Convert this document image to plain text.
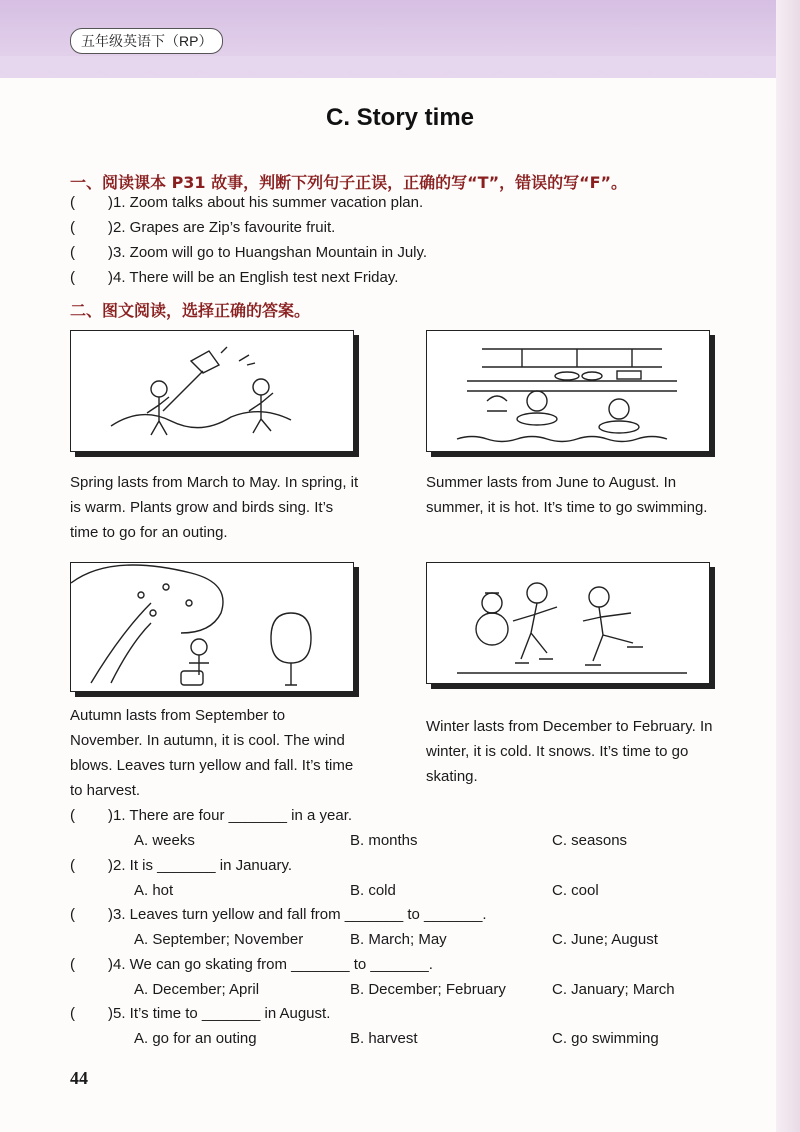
五年级英语下（RP）
C. Story time
一、阅读课本 P31 故事，判断下列句子正误，正确的写“T”，错误的写“F”。
( )1. Zoom talks about his summer vacation plan.
( )2. Grapes are Zip’s favourite fruit.
( )3. Zoom will go to Huangshan Mountain in July.
( )4. There will be an English test next Friday.
二、图文阅读，选择正确的答案。
Spring lasts from March to May. In spring, it is warm. Plants grow and birds sing. It’s time to go for an outing.
Summer lasts from June to August. In summer, it is hot. It’s time to go swimming.
Autumn lasts from September to November. In autumn, it is cool. The wind blows. Leaves turn yellow and fall. It’s time to harvest.
Winter lasts from December to February. In winter, it is cold. It snows. It’s time to go skating.
( )1. There are four _______ in a year.
A. weeks	B. months	C. seasons
( )2. It is _______ in January.
A. hot	B. cold	C. cool
( )3. Leaves turn yellow and fall from _______ to _______.
A. September; November	B. March; May	C. June; August
( )4. We can go skating from _______ to _______.
A. December; April	B. December; February	C. January; March
( )5. It’s time to _______ in August.
A. go for an outing	B. harvest	C. go swimming
44
